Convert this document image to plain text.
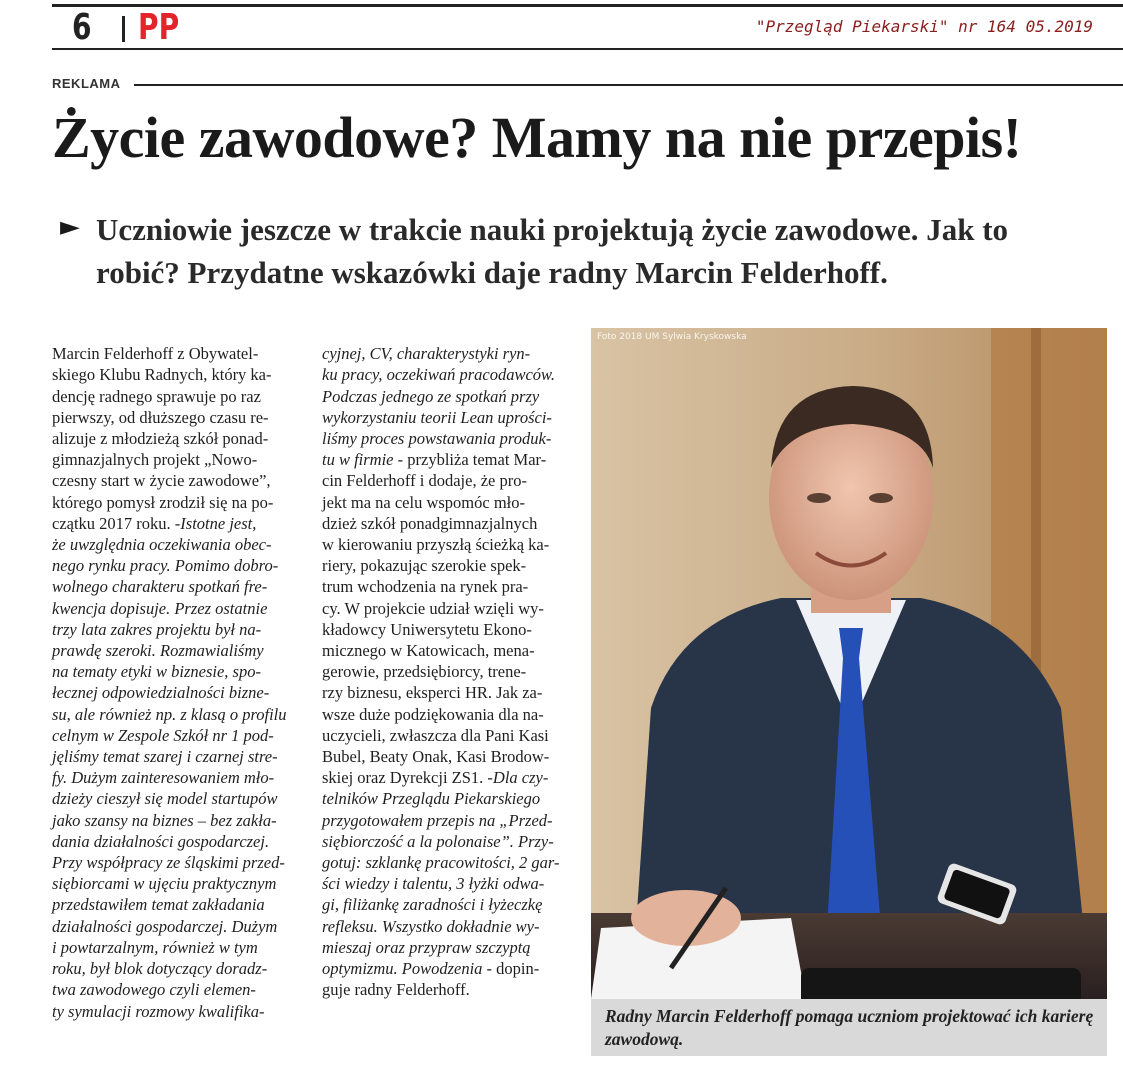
6 PP	"Przegląd Piekarski" nr 164 05.2019
REKLAMA
Życie zawodowe? Mamy na nie przepis!
► Uczniowie jeszcze w trakcie nauki projektują życie zawodowe. Jak to robić? Przydatne wskazówki daje radny Marcin Felderhoff.

Marcin Felderhoff z Obywatel-
skiego Klubu Radnych, który ka-
dencję radnego sprawuje po raz
pierwszy, od dłuższego czasu re-
alizuje z młodzieżą szkół ponad-
gimnazjalnych projekt „Nowo-
czesny start w życie zawodowe”,
którego pomysł zrodził się na po-
czątku 2017 roku. -Istotne jest,
że uwzględnia oczekiwania obec-
nego rynku pracy. Pomimo dobro-
wolnego charakteru spotkań fre-
kwencja dopisuje. Przez ostatnie
trzy lata zakres projektu był na-
prawdę szeroki. Rozmawialiśmy
na tematy etyki w biznesie, spo-
łecznej odpowiedzialności bizne-
su, ale również np. z klasą o profilu
celnym w Zespole Szkół nr 1 pod-
jęliśmy temat szarej i czarnej stre-
fy. Dużym zainteresowaniem mło-
dzieży cieszył się model startupów
jako szansy na biznes – bez zakła-
dania działalności gospodarczej.
Przy współpracy ze śląskimi przed-
siębiorcami w ujęciu praktycznym
przedstawiłem temat zakładania
działalności gospodarczej. Dużym
i powtarzalnym, również w tym
roku, był blok dotyczący doradz-
twa zawodowego czyli elemen-
ty symulacji rozmowy kwalifika-

cyjnej, CV, charakterystyki ryn-
ku pracy, oczekiwań pracodawców.
Podczas jednego ze spotkań przy
wykorzystaniu teorii Lean uprości-
liśmy proces powstawania produk-
tu w firmie - przybliża temat Mar-
cin Felderhoff i dodaje, że pro-
jekt ma na celu wspomóc mło-
dzież szkół ponadgimnazjalnych
w kierowaniu przyszłą ścieżką ka-
riery, pokazując szerokie spek-
trum wchodzenia na rynek pra-
cy. W projekcie udział wzięli wy-
kładowcy Uniwersytetu Ekono-
micznego w Katowicach, mena-
gerowie, przedsiębiorcy, trene-
rzy biznesu, eksperci HR. Jak za-
wsze duże podziękowania dla na-
uczycieli, zwłaszcza dla Pani Kasi
Bubel, Beaty Onak, Kasi Brodow-
skiej oraz Dyrekcji ZS1. -Dla czy-
telników Przeglądu Piekarskiego
przygotowałem przepis na „Przed-
siębiorczość a la polonaise”. Przy-
gotuj: szklankę pracowitości, 2 gar-
ści wiedzy i talentu, 3 łyżki odwa-
gi, filiżankę zaradności i łyżeczkę
refleksu. Wszystko dokładnie wy-
mieszaj oraz przypraw szczyptą
optymizmu. Powodzenia - dopin-
guje radny Felderhoff.

Foto 2018 UM Sylwia Kryskowska

Radny Marcin Felderhoff pomaga uczniom projektować ich karierę zawodową.
